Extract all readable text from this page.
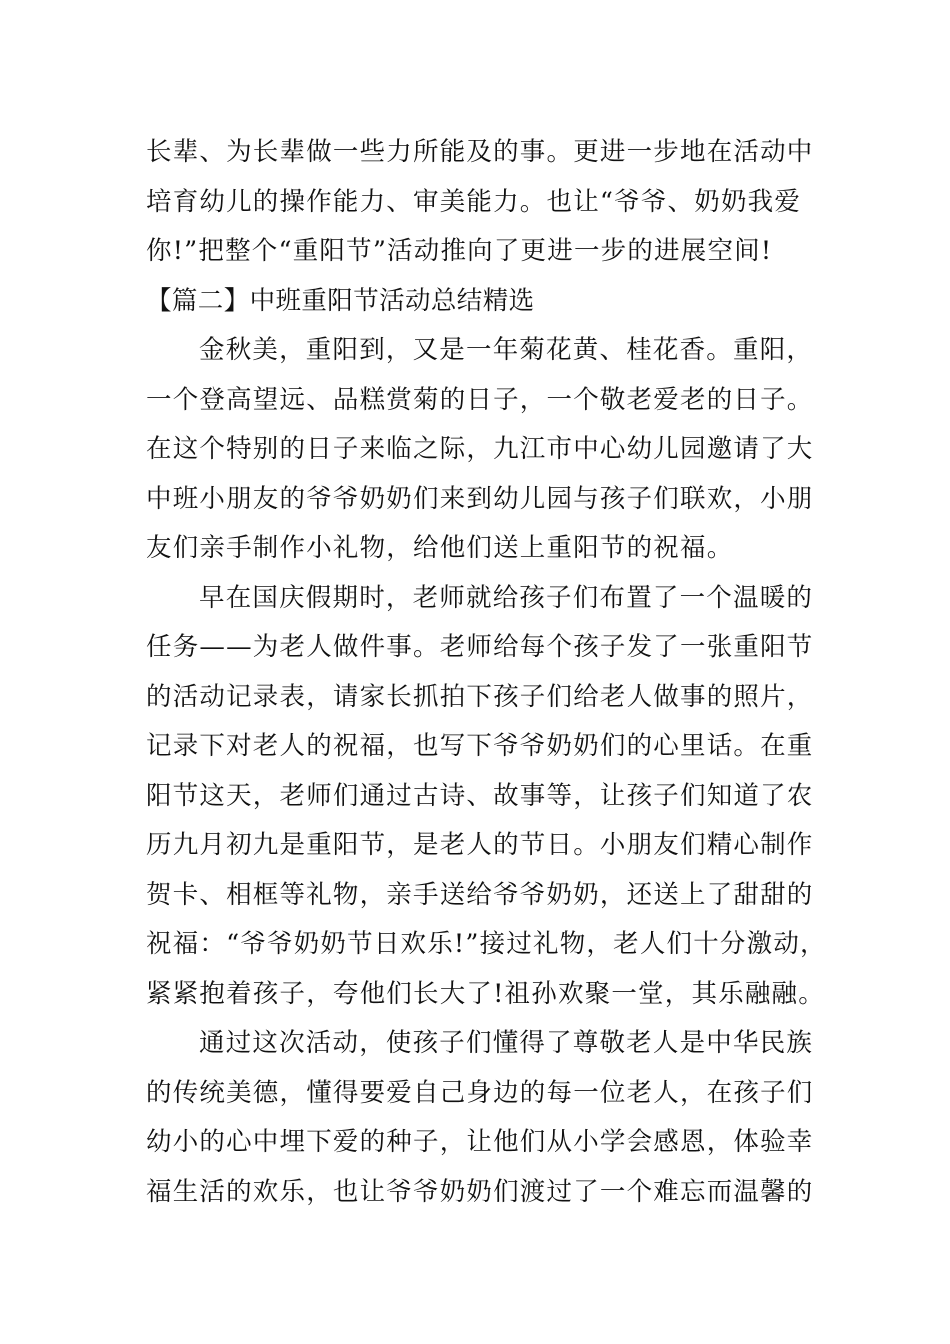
长辈、为长辈做一些力所能及的事。更进一步地在活动中
培育幼儿的操作能力、审美能力。也让“爷爷、奶奶我爱
你!”把整个“重阳节”活动推向了更进一步的进展空间!
【篇二】中班重阳节活动总结精选
金秋美，重阳到，又是一年菊花黄、桂花香。重阳，
一个登高望远、品糕赏菊的日子，一个敬老爱老的日子。
在这个特别的日子来临之际，九江市中心幼儿园邀请了大
中班小朋友的爷爷奶奶们来到幼儿园与孩子们联欢，小朋
友们亲手制作小礼物，给他们送上重阳节的祝福。
早在国庆假期时，老师就给孩子们布置了一个温暖的
任务——为老人做件事。老师给每个孩子发了一张重阳节
的活动记录表，请家长抓拍下孩子们给老人做事的照片，
记录下对老人的祝福，也写下爷爷奶奶们的心里话。在重
阳节这天，老师们通过古诗、故事等，让孩子们知道了农
历九月初九是重阳节，是老人的节日。小朋友们精心制作
贺卡、相框等礼物，亲手送给爷爷奶奶，还送上了甜甜的
祝福：“爷爷奶奶节日欢乐!”接过礼物，老人们十分激动，
紧紧抱着孩子，夸他们长大了!祖孙欢聚一堂，其乐融融。
通过这次活动，使孩子们懂得了尊敬老人是中华民族
的传统美德，懂得要爱自己身边的每一位老人，在孩子们
幼小的心中埋下爱的种子，让他们从小学会感恩，体验幸
福生活的欢乐，也让爷爷奶奶们渡过了一个难忘而温馨的
